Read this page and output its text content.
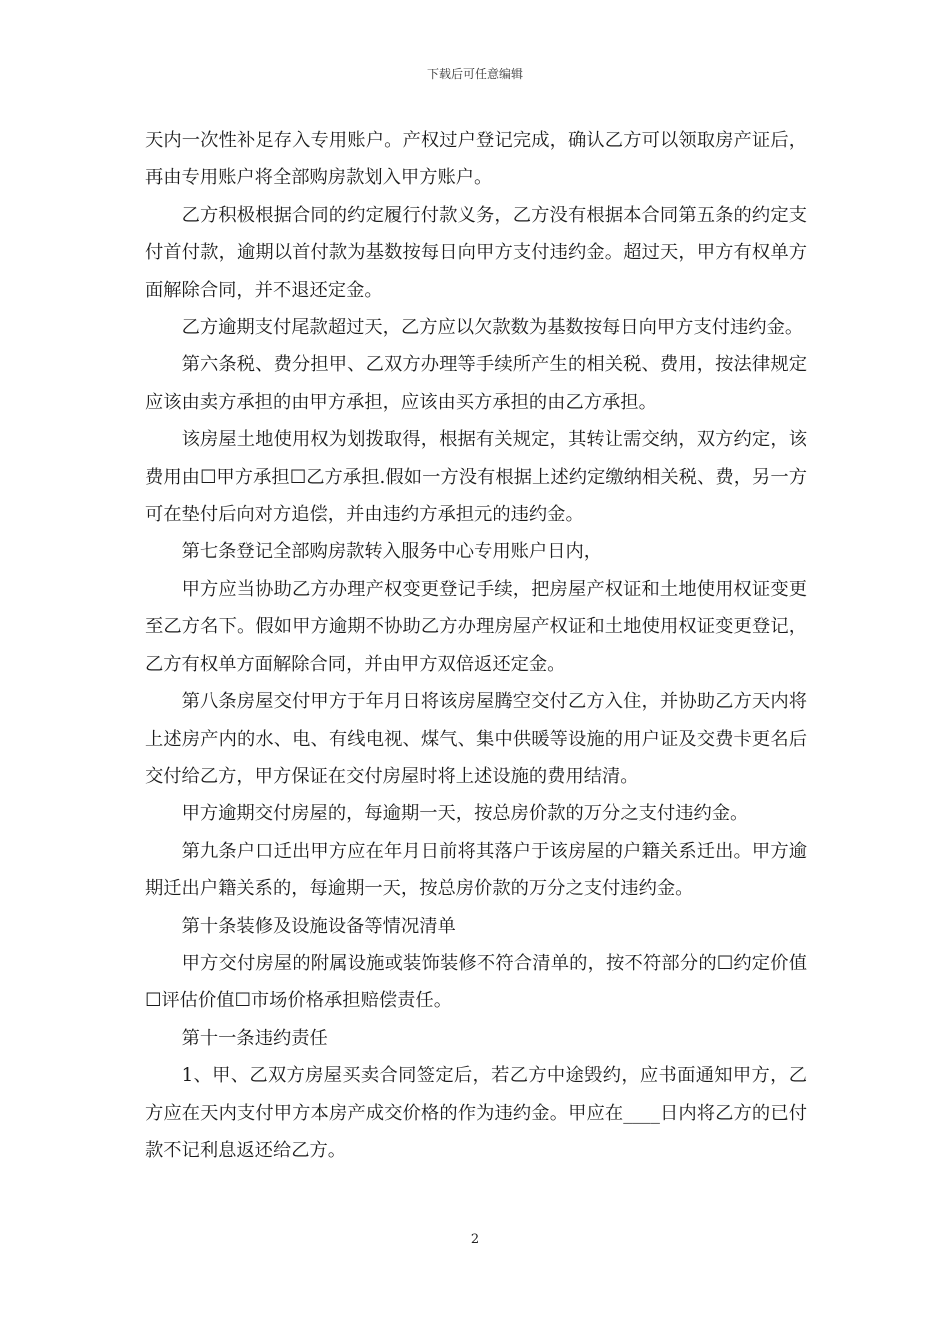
下载后可任意编辑

天内一次性补足存入专用账户。产权过户登记完成，确认乙方可以领取房产证后，再由专用账户将全部购房款划入甲方账户。

乙方积极根据合同的约定履行付款义务，乙方没有根据本合同第五条的约定支付首付款，逾期以首付款为基数按每日向甲方支付违约金。超过天，甲方有权单方面解除合同，并不退还定金。

乙方逾期支付尾款超过天，乙方应以欠款数为基数按每日向甲方支付违约金。

第六条税、费分担甲、乙双方办理等手续所产生的相关税、费用，按法律规定应该由卖方承担的由甲方承担，应该由买方承担的由乙方承担。

该房屋土地使用权为划拨取得，根据有关规定，其转让需交纳，双方约定，该费用由☐甲方承担☐乙方承担.假如一方没有根据上述约定缴纳相关税、费，另一方可在垫付后向对方追偿，并由违约方承担元的违约金。

第七条登记全部购房款转入服务中心专用账户日内，

甲方应当协助乙方办理产权变更登记手续，把房屋产权证和土地使用权证变更至乙方名下。假如甲方逾期不协助乙方办理房屋产权证和土地使用权证变更登记，乙方有权单方面解除合同，并由甲方双倍返还定金。

第八条房屋交付甲方于年月日将该房屋腾空交付乙方入住，并协助乙方天内将上述房产内的水、电、有线电视、煤气、集中供暖等设施的用户证及交费卡更名后交付给乙方，甲方保证在交付房屋时将上述设施的费用结清。

甲方逾期交付房屋的，每逾期一天，按总房价款的万分之支付违约金。

第九条户口迁出甲方应在年月日前将其落户于该房屋的户籍关系迁出。甲方逾期迁出户籍关系的，每逾期一天，按总房价款的万分之支付违约金。

第十条装修及设施设备等情况清单

甲方交付房屋的附属设施或装饰装修不符合清单的，按不符部分的☐约定价值☐评估价值☐市场价格承担赔偿责任。

第十一条违约责任

1、甲、乙双方房屋买卖合同签定后，若乙方中途毁约，应书面通知甲方，乙方应在天内支付甲方本房产成交价格的作为违约金。甲应在____日内将乙方的已付款不记利息返还给乙方。

2
